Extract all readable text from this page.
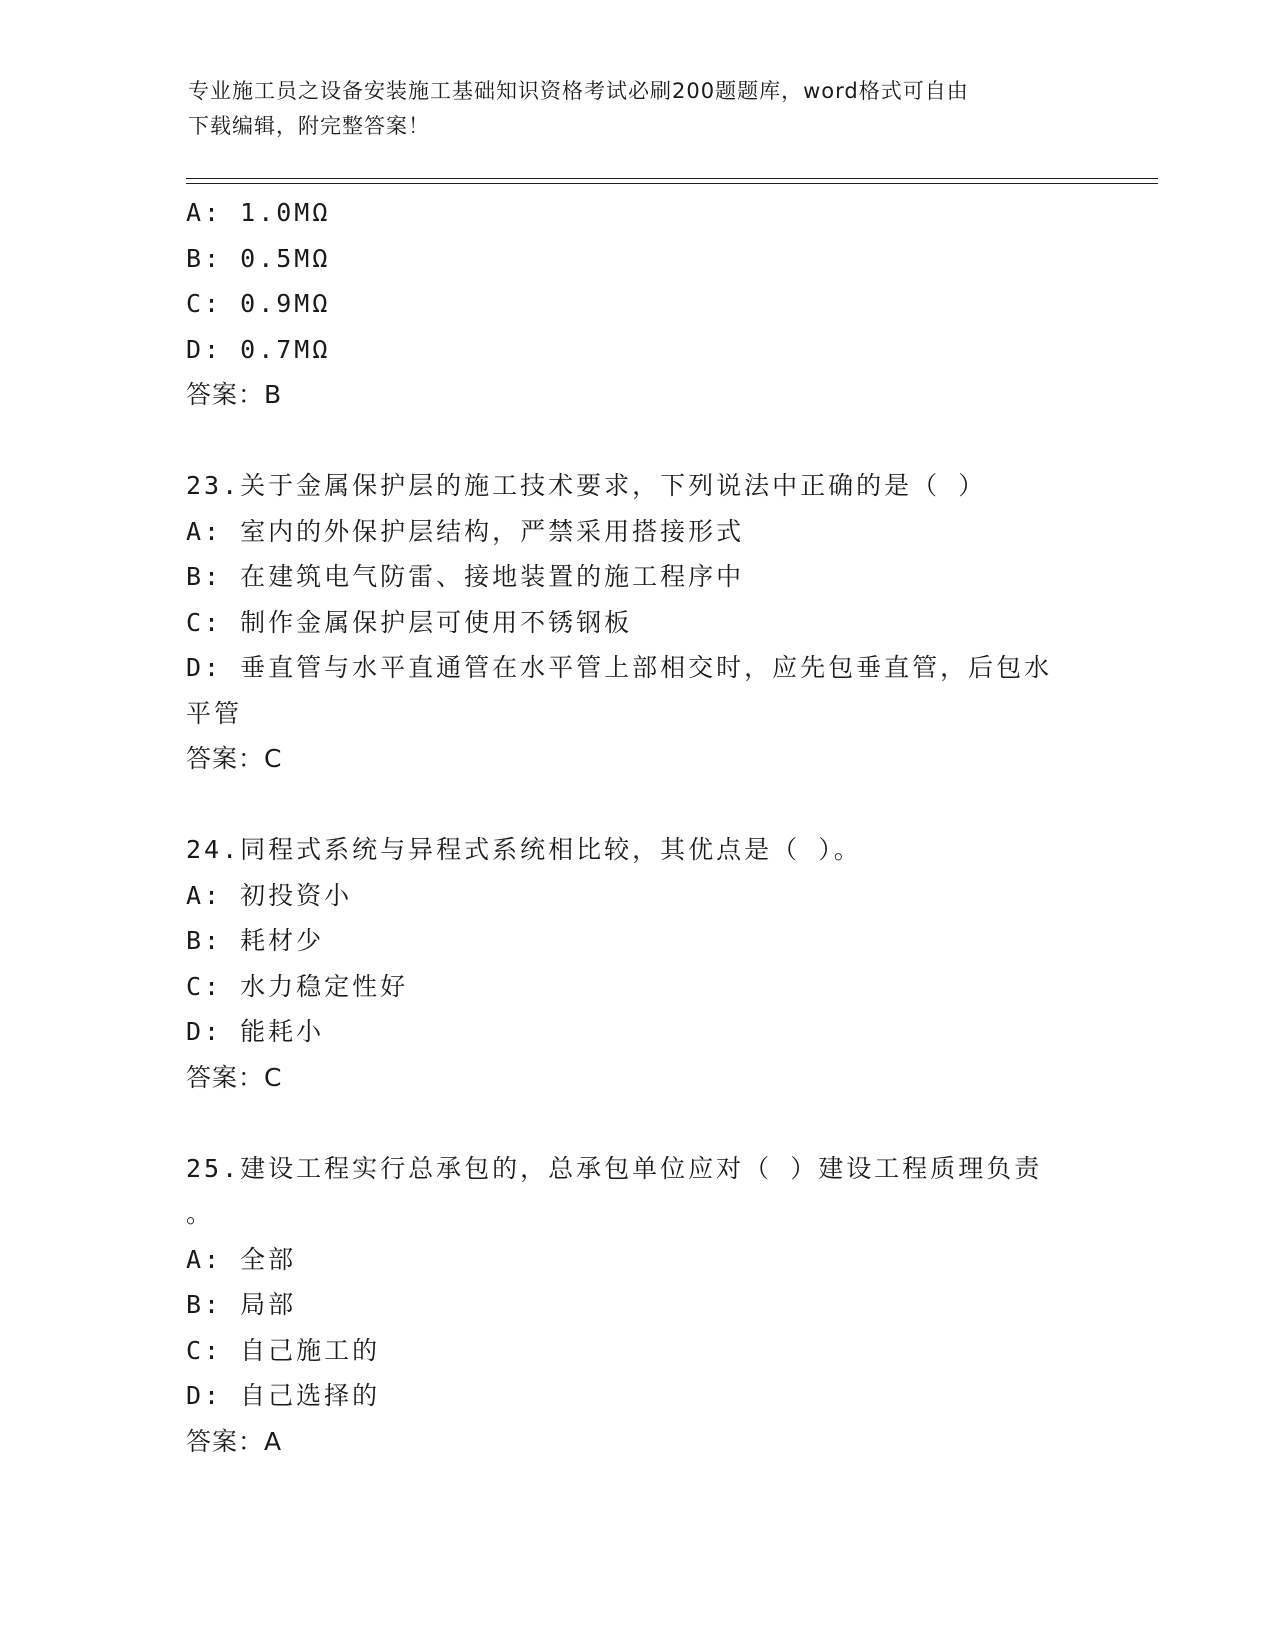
专业施工员之设备安装施工基础知识资格考试必刷200题题库，word格式可自由
下载编辑，附完整答案！
A: 1.0MΩ
B: 0.5MΩ
C: 0.9MΩ
D: 0.7MΩ
答案：B
23.关于金属保护层的施工技术要求，下列说法中正确的是（ ）
A: 室内的外保护层结构，严禁采用搭接形式
B: 在建筑电气防雷、接地装置的施工程序中
C: 制作金属保护层可使用不锈钢板
D: 垂直管与水平直通管在水平管上部相交时，应先包垂直管，后包水
平管
答案：C
24.同程式系统与异程式系统相比较，其优点是（ ）。
A: 初投资小
B: 耗材少
C: 水力稳定性好
D: 能耗小
答案：C
25.建设工程实行总承包的，总承包单位应对（ ）建设工程质理负责
。
A: 全部
B: 局部
C: 自己施工的
D: 自己选择的
答案：A
